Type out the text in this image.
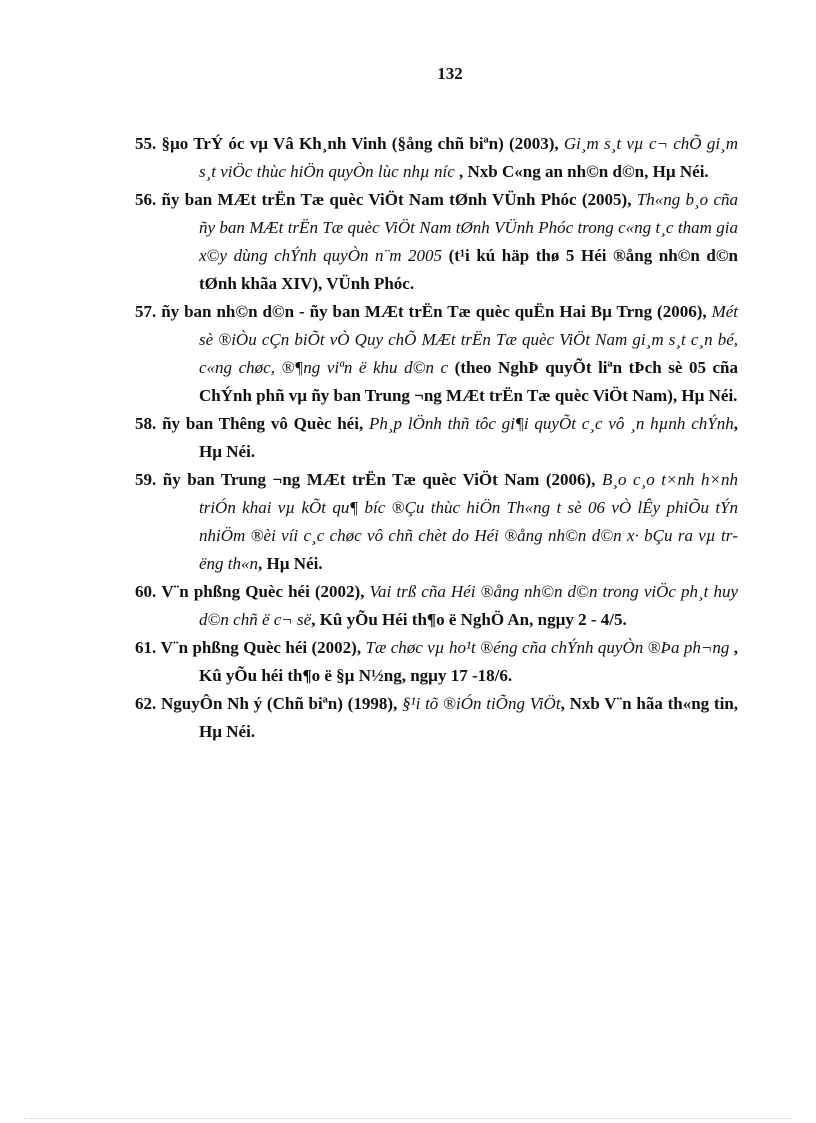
132
55. §µo TrÝ óc vµ Vâ Kh¸nh Vinh (§ång chñ biªn) (2003), Gi¸m s¸t vµ c¬ chÕ gi¸m s¸t viÖc thùc hiÖn quyÒn lùc nhµ níc , Nxb C«ng an nh©n d©n, Hµ Néi.
56. ñy ban MÆt trËn Tæ quèc ViÖt Nam tØnh VÜnh Phóc (2005), Th«ng b¸o cña ñy ban MÆt trËn Tæ quèc ViÖt Nam tØnh VÜnh Phóc trong c«ng t¸c tham gia x©y dùng chÝnh quyÒn n¨m 2005 (t¹i kú häp thø 5 Héi ®ång nh©n d©n tØnh khãa XIV), VÜnh Phóc.
57. ñy ban nh©n d©n - ñy ban MÆt trËn Tæ quèc quËn Hai Bµ Trng (2006), Mét sè ®iÒu cÇn biÕt vÒ Quy chÕ MÆt trËn Tæ quèc ViÖt Nam gi¸m s¸t c¸n bé, c«ng chøc, ®¶ng viªn ë khu d©n c (theo NghÞ quyÕt liªn tÞch sè 05 cña ChÝnh phñ vµ ñy ban Trung ¬ng MÆt trËn Tæ quèc ViÖt Nam), Hµ Néi.
58. ñy ban Thêng vô Quèc héi, Ph¸p lÖnh thñ tôc gi¶i quyÕt c¸c vô ¸n hµnh chÝnh, Hµ Néi.
59. ñy ban Trung ¬ng MÆt trËn Tæ quèc ViÖt Nam (2006), B¸o c¸o t×nh h×nh triÓn khai vµ kÕt qu¶ bíc ®Çu thùc hiÖn Th«ng t sè 06 vÒ lÊy phiÕu tÝn nhiÖm ®èi víi c¸c chøc vô chñ chèt do Héi ®ång nh©n d©n x· bÇu ra vµ trëng th«n, Hµ Néi.
60. V¨n phßng Quèc héi (2002), Vai trß cña Héi ®ång nh©n d©n trong viÖc ph¸t huy d©n chñ ë c¬ së, Kû yÕu Héi th¶o ë NghÖ An, ngµy 2 - 4/5.
61. V¨n phßng Quèc héi (2002), Tæ chøc vµ ho¹t ®éng cña chÝnh quyÒn ®Þa ph¬ng , Kû yÕu héi th¶o ë §µ N½ng, ngµy 17 -18/6.
62. NguyÔn Nh ý (Chñ biªn) (1998), §¹i tõ ®iÓn tiÕng ViÖt, Nxb V¨n hãa th«ng tin, Hµ Néi.
